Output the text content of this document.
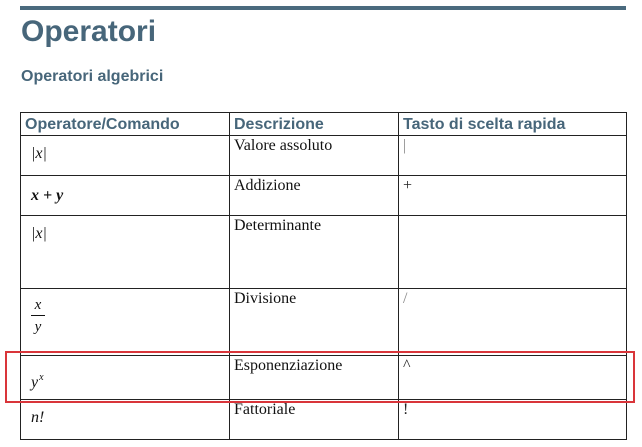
Operatori
Operatori algebrici
Operatore/Comando	Descrizione	Tasto di scelta rapida
|x|	Valore assoluto	|
x + y	Addizione	+
|x|	Determinante	

$\frac{x}{y}$	Divisione	/
$y^x$	Esponenziazione	^
n!	Fattoriale	!
